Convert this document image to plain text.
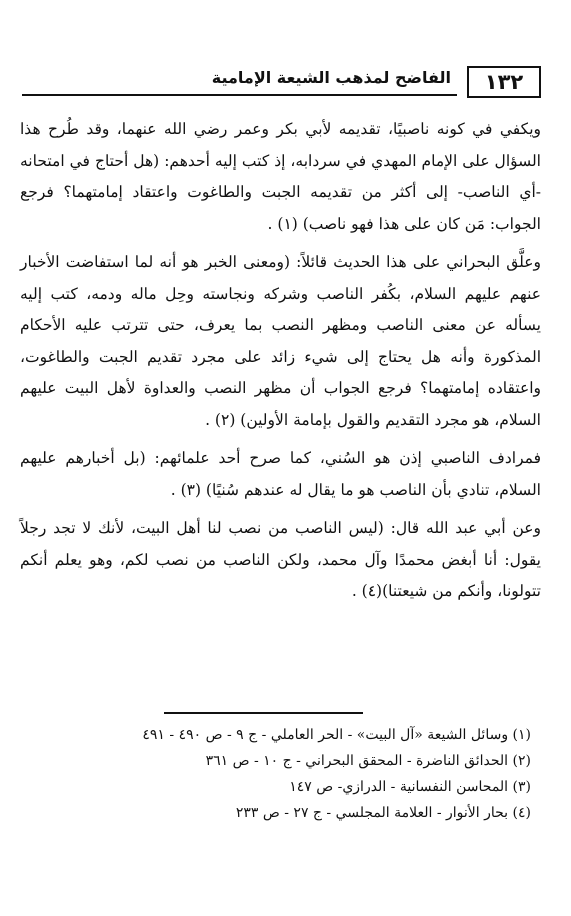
١٣٢
الفاضح لمذهب الشيعة الإمامية

ويكفي في كونه ناصبيًا، تقديمه لأبي بكر وعمر رضي الله عنهما، وقد طُرح هذا السؤال على الإمام المهدي في سردابه، إذ كتب إليه أحدهم: (هل أحتاج في امتحانه -أي الناصب- إلى أكثر من تقديمه الجبت والطاغوت واعتقاد إمامتهما؟ فرجع الجواب: مَن كان على هذا فهو ناصب) (١) .

وعلَّق البحراني على هذا الحديث قائلاً: (ومعنى الخبر هو أنه لما استفاضت الأخبار عنهم عليهم السلام، بكُفر الناصب وشركه ونجاسته وحِل ماله ودمه، كتب إليه يسأله عن معنى الناصب ومظهر النصب بما يعرف، حتى تترتب عليه الأحكام المذكورة وأنه هل يحتاج إلى شيء زائد على مجرد تقديم الجبت والطاغوت، واعتقاده إمامتهما؟ فرجع الجواب أن مظهر النصب والعداوة لأهل البيت عليهم السلام، هو مجرد التقديم والقول بإمامة الأولين) (٢) .

فمرادف الناصبي إذن هو السُني، كما صرح أحد علمائهم: (بل أخبارهم عليهم السلام، تنادي بأن الناصب هو ما يقال له عندهم سُنيًا) (٣) .

وعن أبي عبد الله قال: (ليس الناصب من نصب لنا أهل البيت، لأنك لا تجد رجلاً يقول: أنا أبغض محمدًا وآل محمد، ولكن الناصب من نصب لكم، وهو يعلم أنكم تتولونا، وأنكم من شيعتنا)(٤) .

(١) وسائل الشيعة «آل البيت» - الحر العاملي - ج ٩ - ص ٤٩٠ - ٤٩١
(٢) الحدائق الناضرة - المحقق البحراني - ج ١٠ - ص ٣٦١
(٣) المحاسن النفسانية - الدرازي- ص ١٤٧
(٤) بحار الأنوار - العلامة المجلسي - ج ٢٧ - ص ٢٣٣
